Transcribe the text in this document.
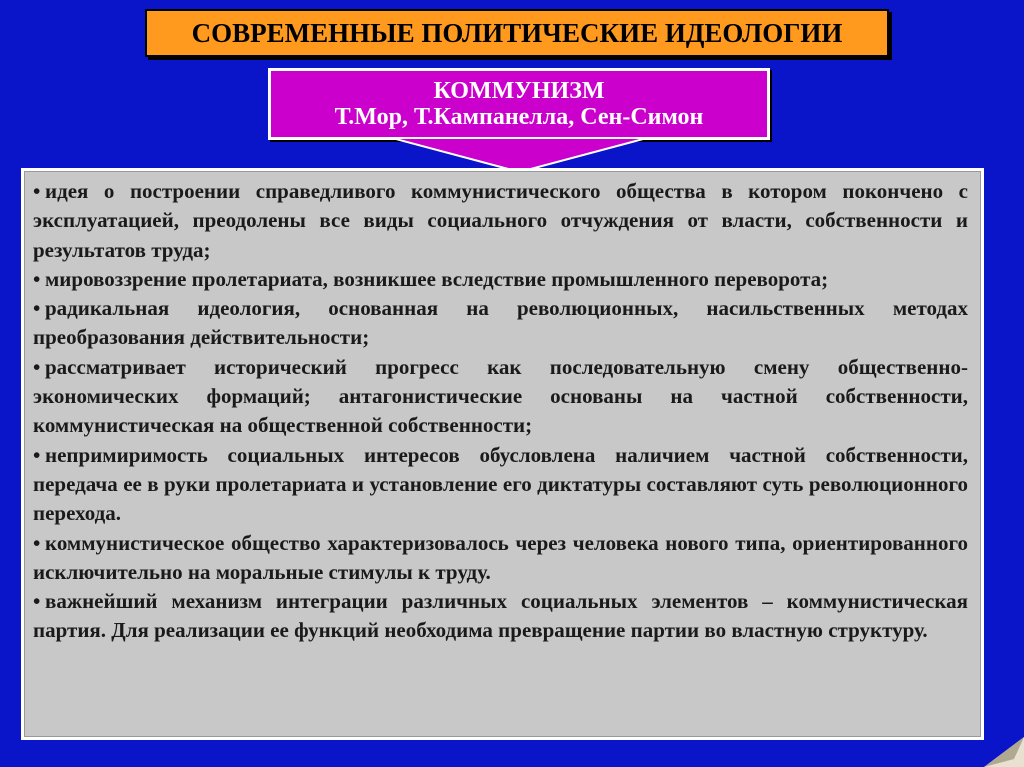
СОВРЕМЕННЫЕ ПОЛИТИЧЕСКИЕ ИДЕОЛОГИИ
КОММУНИЗМ
Т.Мор, Т.Кампанелла, Сен-Симон
• идея о построении справедливого коммунистического общества в котором покончено с эксплуатацией, преодолены все виды социального отчуждения от власти, собственности и результатов труда;
• мировоззрение пролетариата, возникшее вследствие промышленного переворота;
• радикальная идеология, основанная на революционных, насильственных методах преобразования действительности;
• рассматривает исторический прогресс как последовательную смену общественно-экономических формаций; антагонистические основаны на частной собственности, коммунистическая на общественной собственности;
• непримиримость социальных интересов обусловлена наличием частной собственности, передача ее в руки пролетариата и установление его диктатуры составляют суть революционного перехода.
• коммунистическое общество характеризовалось через человека нового типа, ориентированного исключительно на моральные стимулы к труду.
• важнейший механизм интеграции различных социальных элементов – коммунистическая партия. Для реализации ее функций необходима превращение партии во властную структуру.
